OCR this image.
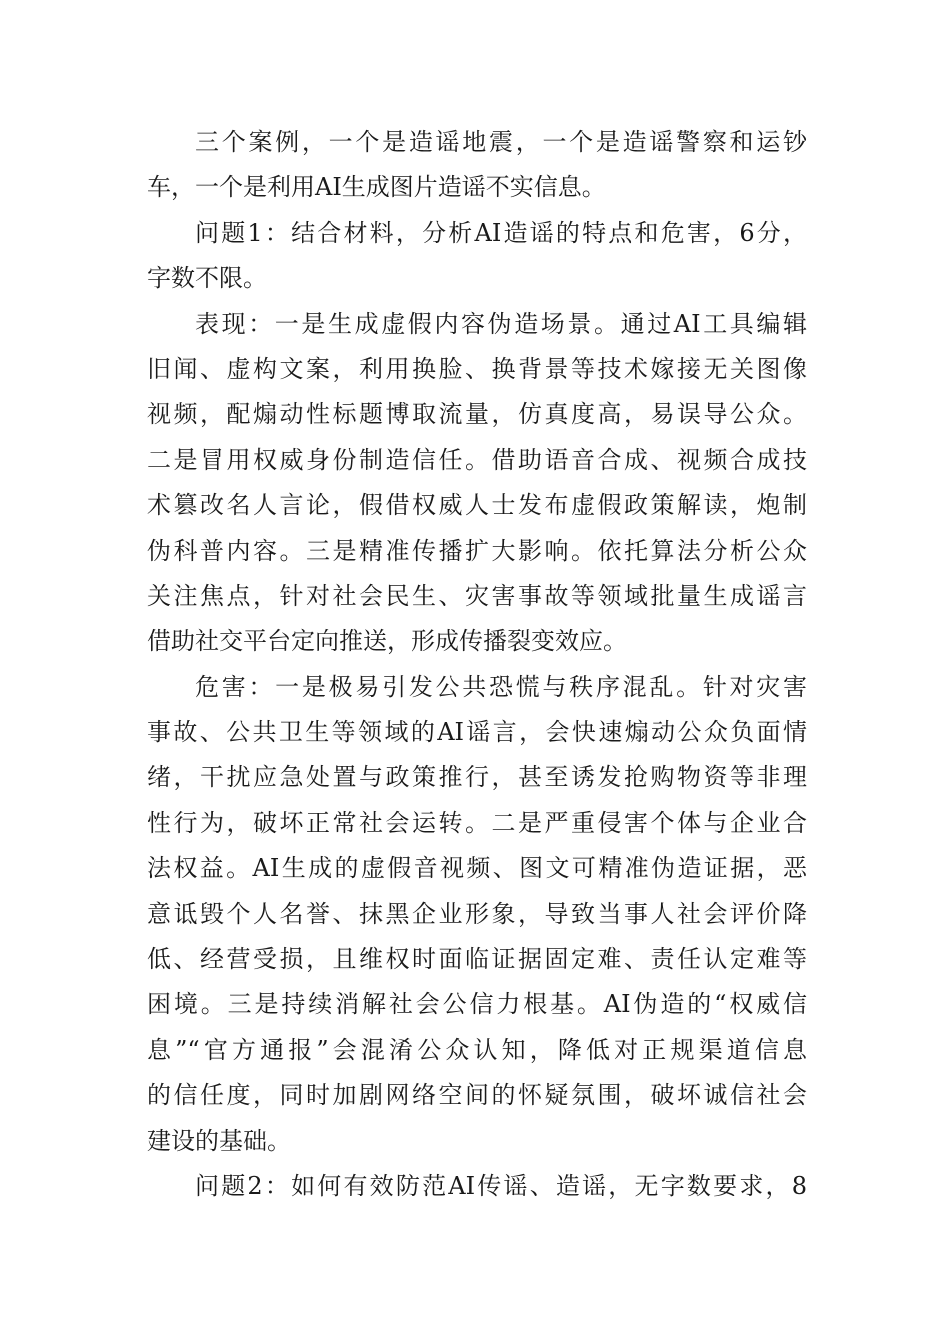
三个案例，一个是造谣地震，一个是造谣警察和运钞
车，一个是利用AI生成图片造谣不实信息。
问题1：结合材料，分析AI造谣的特点和危害，6分，
字数不限。
表现：一是生成虚假内容伪造场景。通过AI工具编辑
旧闻、虚构文案，利用换脸、换背景等技术嫁接无关图像
视频，配煽动性标题博取流量，仿真度高，易误导公众。
二是冒用权威身份制造信任。借助语音合成、视频合成技
术篡改名人言论，假借权威人士发布虚假政策解读，炮制
伪科普内容。三是精准传播扩大影响。依托算法分析公众
关注焦点，针对社会民生、灾害事故等领域批量生成谣言
借助社交平台定向推送，形成传播裂变效应。
危害：一是极易引发公共恐慌与秩序混乱。针对灾害
事故、公共卫生等领域的AI谣言，会快速煽动公众负面情
绪，干扰应急处置与政策推行，甚至诱发抢购物资等非理
性行为，破坏正常社会运转。二是严重侵害个体与企业合
法权益。AI生成的虚假音视频、图文可精准伪造证据，恶
意诋毁个人名誉、抹黑企业形象，导致当事人社会评价降
低、经营受损，且维权时面临证据固定难、责任认定难等
困境。三是持续消解社会公信力根基。AI伪造的“权威信
息”“官方通报”会混淆公众认知，降低对正规渠道信息
的信任度，同时加剧网络空间的怀疑氛围，破坏诚信社会
建设的基础。
问题2：如何有效防范AI传谣、造谣，无字数要求，8
